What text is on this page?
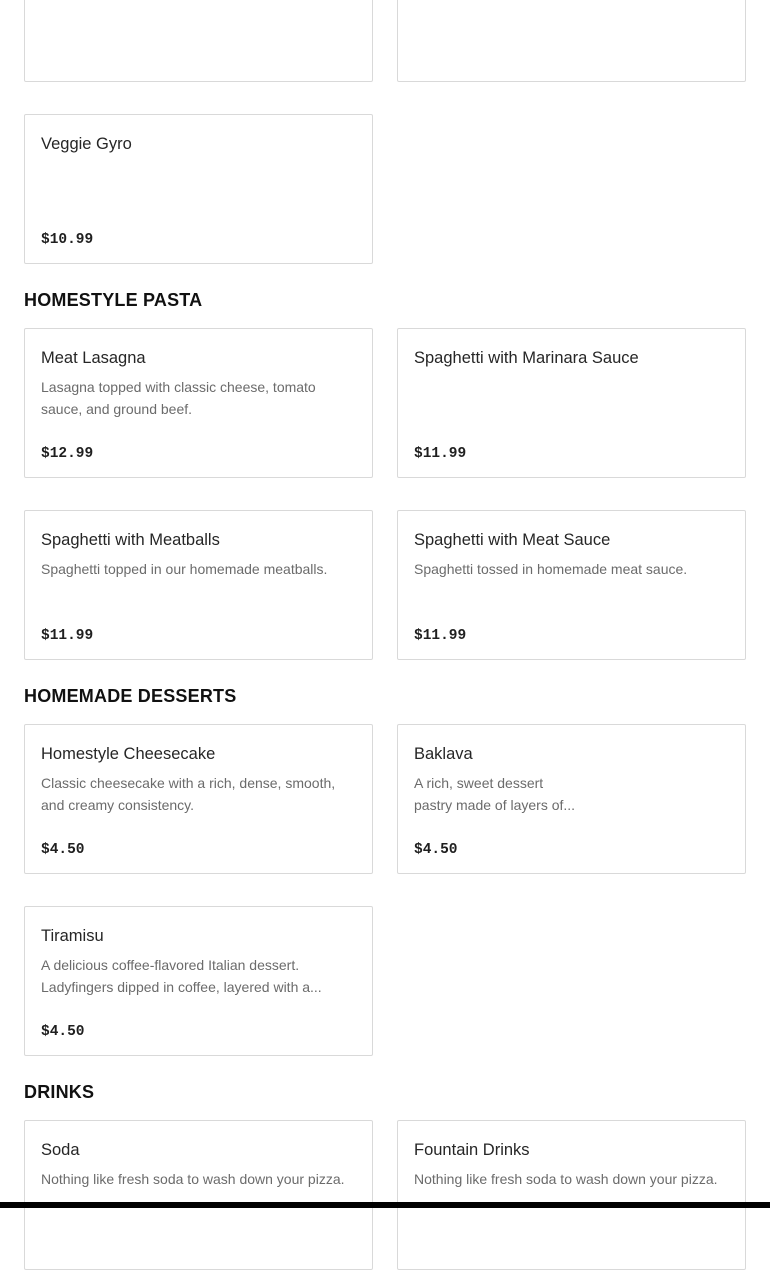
Veggie Gyro
$10.99
HOMESTYLE PASTA
Meat Lasagna
Lasagna topped with classic cheese, tomato sauce, and ground beef.
$12.99
Spaghetti with Marinara Sauce
$11.99
Spaghetti with Meatballs
Spaghetti topped in our homemade meatballs.
$11.99
Spaghetti with Meat Sauce
Spaghetti tossed in homemade meat sauce.
$11.99
HOMEMADE DESSERTS
Homestyle Cheesecake
Classic cheesecake with a rich, dense, smooth, and creamy consistency.
$4.50
Baklava
A rich, sweet dessert
pastry made of layers of...
$4.50
Tiramisu
A delicious coffee-flavored Italian dessert.
Ladyfingers dipped in coffee, layered with a...
$4.50
DRINKS
Soda
Nothing like fresh soda to wash down your pizza.
Fountain Drinks
Nothing like fresh soda to wash down your pizza.
